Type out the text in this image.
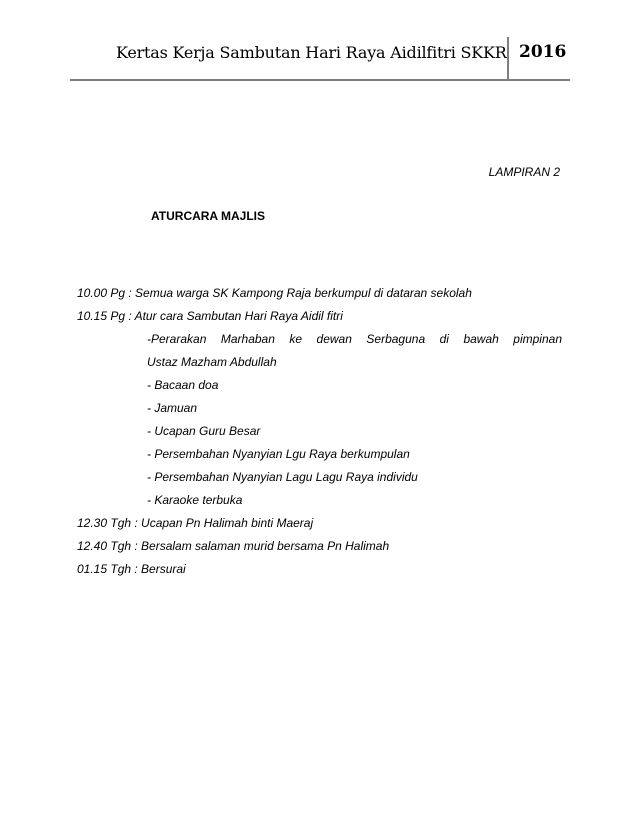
Kertas Kerja Sambutan Hari Raya Aidilfitri SKKR 2016
LAMPIRAN 2
ATURCARA MAJLIS
10.00 Pg : Semua warga SK Kampong Raja berkumpul di dataran sekolah
10.15 Pg : Atur cara Sambutan Hari Raya Aidil fitri
-Perarakan Marhaban ke dewan Serbaguna di bawah pimpinan
Ustaz Mazham Abdullah
- Bacaan doa
- Jamuan
- Ucapan Guru Besar
- Persembahan Nyanyian Lgu Raya berkumpulan
- Persembahan Nyanyian Lagu Lagu Raya individu
- Karaoke terbuka
12.30 Tgh : Ucapan Pn Halimah binti Maeraj
12.40 Tgh : Bersalam salaman murid bersama Pn Halimah
01.15 Tgh : Bersurai
